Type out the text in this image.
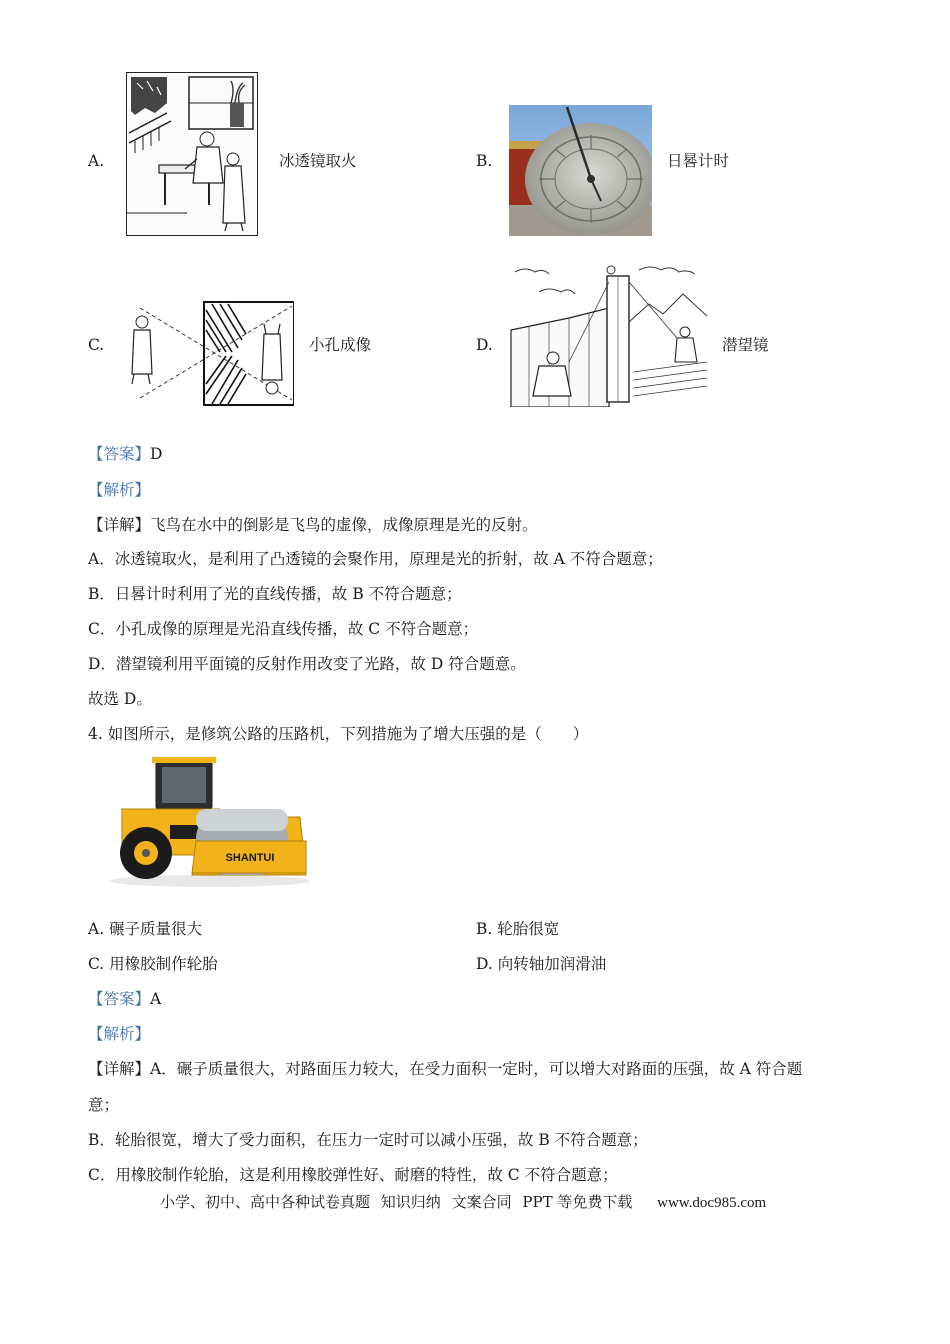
A.	冰透镜取火	B.	日晷计时
C.	小孔成像	D.	潜望镜
【答案】D
【解析】
【详解】飞鸟在水中的倒影是飞鸟的虚像，成像原理是光的反射。
A．冰透镜取火，是利用了凸透镜的会聚作用，原理是光的折射，故 A 不符合题意；
B．日晷计时利用了光的直线传播，故 B 不符合题意；
C．小孔成像的原理是光沿直线传播，故 C 不符合题意；
D．潜望镜利用平面镜的反射作用改变了光路，故 D 符合题意。
故选 D。
4. 如图所示，是修筑公路的压路机，下列措施为了增大压强的是（　　）
SHANTUI
A. 碾子质量很大	B. 轮胎很宽
C. 用橡胶制作轮胎	D. 向转轴加润滑油
【答案】A
【解析】
【详解】A．碾子质量很大，对路面压力较大，在受力面积一定时，可以增大对路面的压强，故 A 符合题
意；
B．轮胎很宽，增大了受力面积，在压力一定时可以减小压强，故 B 不符合题意；
C．用橡胶制作轮胎，这是利用橡胶弹性好、耐磨的特性，故 C 不符合题意；
小学、初中、高中各种试卷真题 知识归纳 文案合同 PPT 等免费下载 www.doc985.com
